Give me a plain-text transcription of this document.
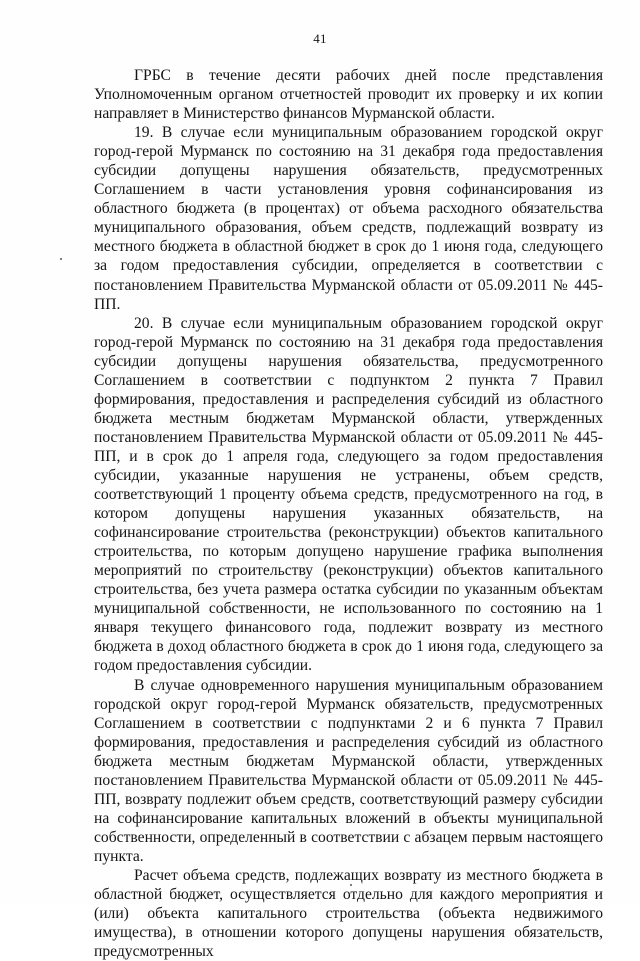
41

ГРБС в течение десяти рабочих дней после представления Уполномоченным органом отчетностей проводит их проверку и их копии направляет в Министерство финансов Мурманской области.

19. В случае если муниципальным образованием городской округ город-герой Мурманск по состоянию на 31 декабря года предоставления субсидии допущены нарушения обязательств, предусмотренных Соглашением в части установления уровня софинансирования из областного бюджета (в процентах) от объема расходного обязательства муниципального образования, объем средств, подлежащий возврату из местного бюджета в областной бюджет в срок до 1 июня года, следующего за годом предоставления субсидии, определяется в соответствии с постановлением Правительства Мурманской области от 05.09.2011 № 445-ПП.

20. В случае если муниципальным образованием городской округ город-герой Мурманск по состоянию на 31 декабря года предоставления субсидии допущены нарушения обязательства, предусмотренного Соглашением в соответствии с подпунктом 2 пункта 7 Правил формирования, предоставления и распределения субсидий из областного бюджета местным бюджетам Мурманской области, утвержденных постановлением Правительства Мурманской области от 05.09.2011 № 445-ПП, и в срок до 1 апреля года, следующего за годом предоставления субсидии, указанные нарушения не устранены, объем средств, соответствующий 1 проценту объема средств, предусмотренного на год, в котором допущены нарушения указанных обязательств, на софинансирование строительства (реконструкции) объектов капитального строительства, по которым допущено нарушение графика выполнения мероприятий по строительству (реконструкции) объектов капитального строительства, без учета размера остатка субсидии по указанным объектам муниципальной собственности, не использованного по состоянию на 1 января текущего финансового года, подлежит возврату из местного бюджета в доход областного бюджета в срок до 1 июня года, следующего за годом предоставления субсидии.

В случае одновременного нарушения муниципальным образованием городской округ город-герой Мурманск обязательств, предусмотренных Соглашением в соответствии с подпунктами 2 и 6 пункта 7 Правил формирования, предоставления и распределения субсидий из областного бюджета местным бюджетам Мурманской области, утвержденных постановлением Правительства Мурманской области от 05.09.2011 № 445-ПП, возврату подлежит объем средств, соответствующий размеру субсидии на софинансирование капитальных вложений в объекты муниципальной собственности, определенный в соответствии с абзацем первым настоящего пункта.

Расчет объема средств, подлежащих возврату из местного бюджета в областной бюджет, осуществляется отдельно для каждого мероприятия и (или) объекта капитального строительства (объекта недвижимого имущества), в отношении которого допущены нарушения обязательств, предусмотренных
